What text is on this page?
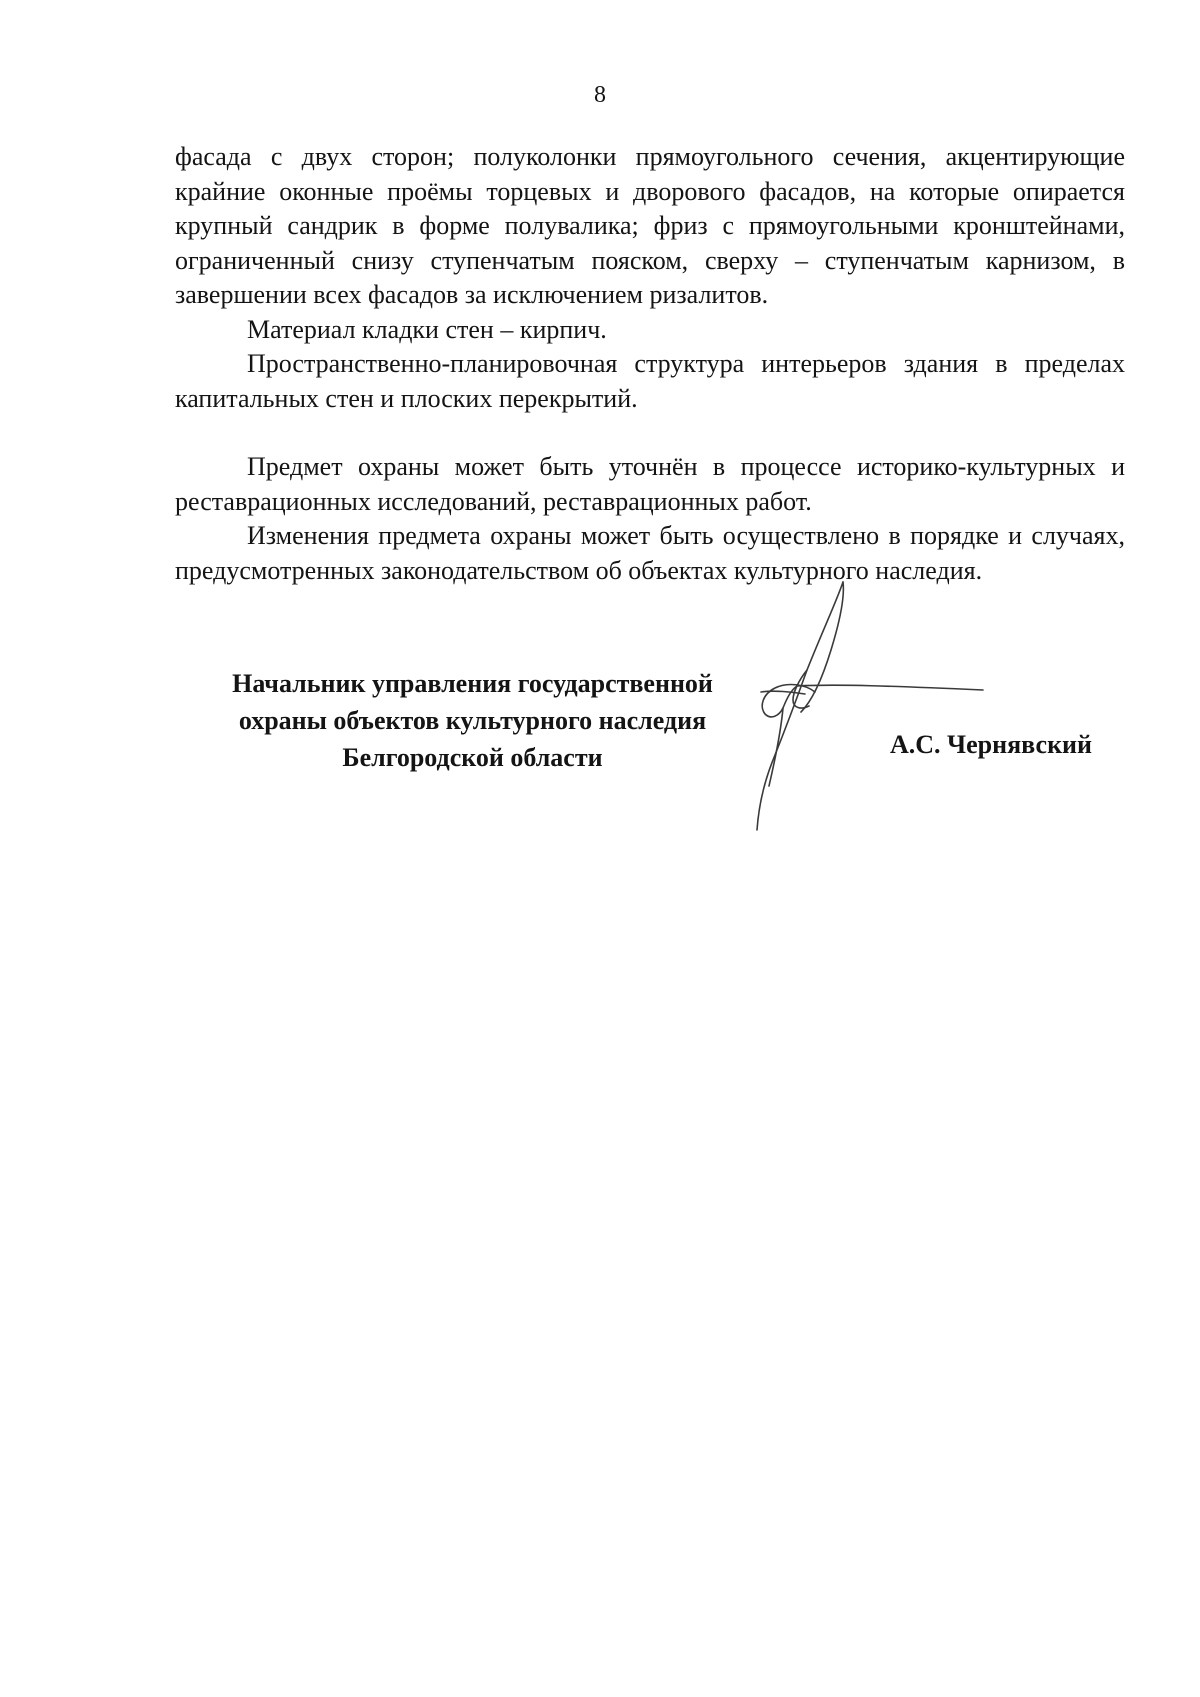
8

фасада с двух сторон; полуколонки прямоугольного сечения, акцентирующие крайние оконные проёмы торцевых и дворового фасадов, на которые опирается крупный сандрик в форме полувалика; фриз с прямоугольными кронштейнами, ограниченный снизу ступенчатым пояском, сверху – ступенчатым карнизом, в завершении всех фасадов за исключением ризалитов.

Материал кладки стен – кирпич.

Пространственно-планировочная структура интерьеров здания в пределах капитальных стен и плоских перекрытий.

Предмет охраны может быть уточнён в процессе историко-культурных и реставрационных исследований, реставрационных работ.

Изменения предмета охраны может быть осуществлено в порядке и случаях, предусмотренных законодательством об объектах культурного наследия.

Начальник управления государственной
охраны объектов культурного наследия
Белгородской области	А.С. Чернявский
